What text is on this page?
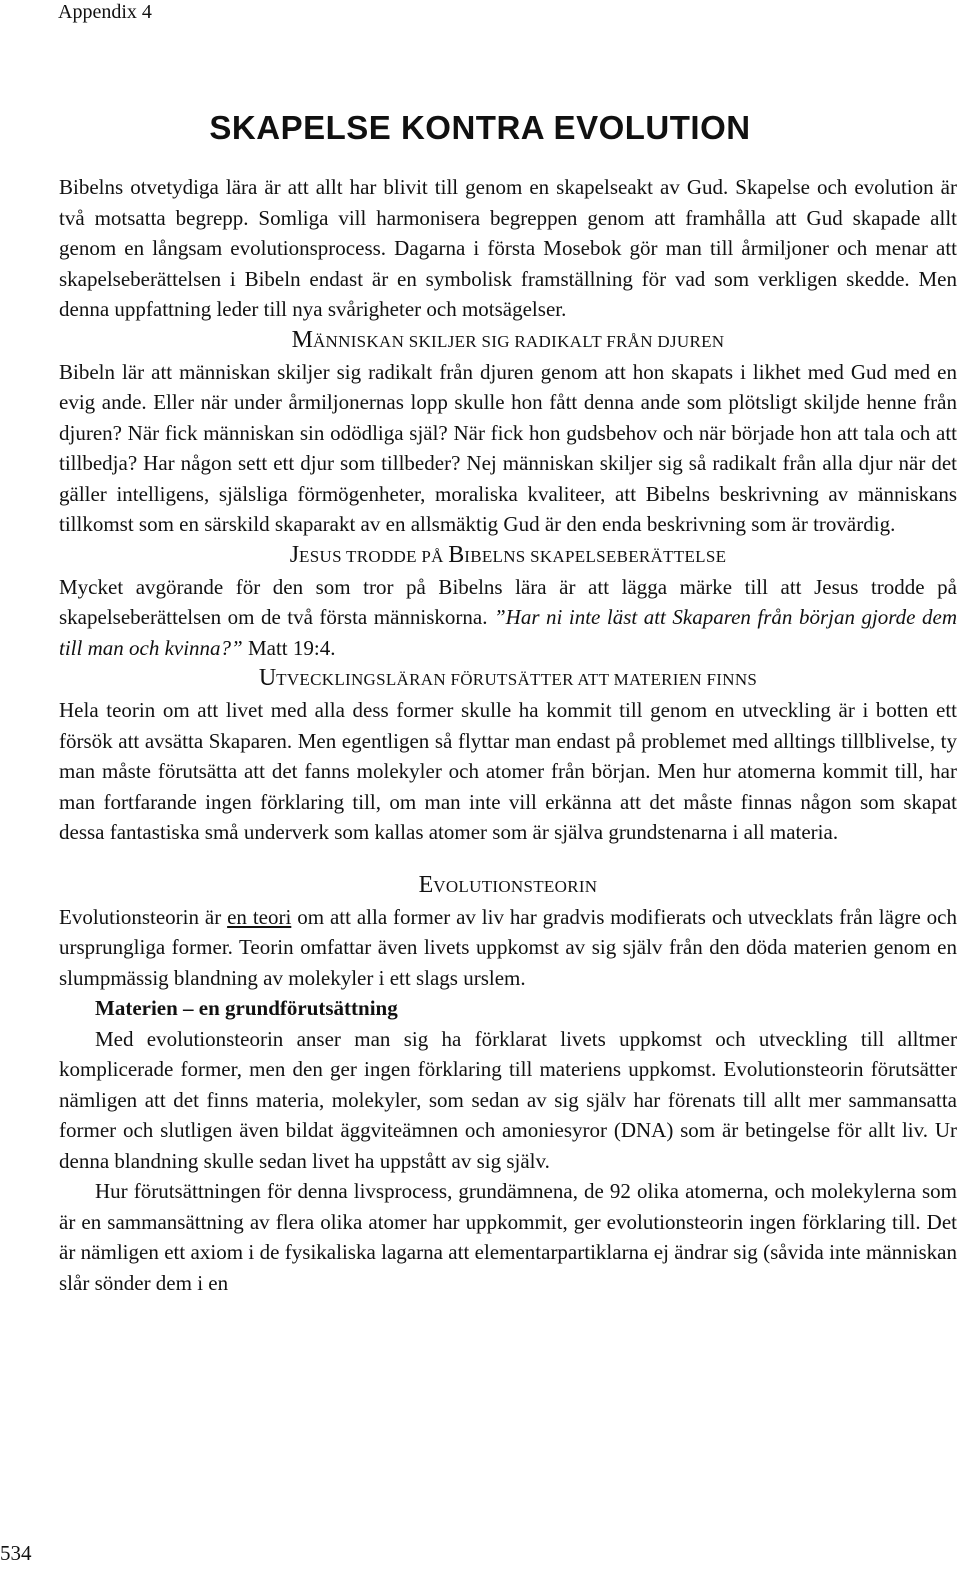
Appendix 4
SKAPELSE KONTRA EVOLUTION

Bibelns otvetydiga lära är att allt har blivit till genom en skapelseakt av Gud. Skapelse och evolution är två motsatta begrepp. Somliga vill harmonisera begreppen genom att framhålla att Gud skapade allt genom en långsam evolutionsprocess. Dagarna i första Mosebok gör man till årmiljoner och menar att skapelseberättelsen i Bibeln endast är en symbolisk framställning för vad som verkligen skedde. Men denna uppfattning leder till nya svårigheter och motsägelser.

MÄNNISKAN SKILJER SIG RADIKALT FRÅN DJUREN

Bibeln lär att människan skiljer sig radikalt från djuren genom att hon skapats i likhet med Gud med en evig ande. Eller när under årmiljonernas lopp skulle hon fått denna ande som plötsligt skiljde henne från djuren? När fick människan sin odödliga själ? När fick hon gudsbehov och när började hon att tala och att tillbedja? Har någon sett ett djur som tillbeder? Nej människan skiljer sig så radikalt från alla djur när det gäller intelligens, själsliga förmögenheter, moraliska kvaliteer, att Bibelns beskrivning av människans tillkomst som en särskild skaparakt av en allsmäktig Gud är den enda beskrivning som är trovärdig.

JESUS TRODDE PÅ BIBELNS SKAPELSEBERÄTTELSE

Mycket avgörande för den som tror på Bibelns lära är att lägga märke till att Jesus trodde på skapelseberättelsen om de två första människorna. ”Har ni inte läst att Skaparen från början gjorde dem till man och kvinna?” Matt 19:4.

UTVECKLINGSLÄRAN FÖRUTSÄTTER ATT MATERIEN FINNS

Hela teorin om att livet med alla dess former skulle ha kommit till genom en utveckling är i botten ett försök att avsätta Skaparen. Men egentligen så flyttar man endast på problemet med alltings tillblivelse, ty man måste förutsätta att det fanns molekyler och atomer från början. Men hur atomerna kommit till, har man fortfarande ingen förklaring till, om man inte vill erkänna att det måste finnas någon som skapat dessa fantastiska små underverk som kallas atomer som är själva grundstenarna i all materia.

EVOLUTIONSTEORIN

Evolutionsteorin är en teori om att alla former av liv har gradvis modifierats och utvecklats från lägre och ursprungliga former. Teorin omfattar även livets uppkomst av sig själv från den döda materien genom en slumpmässig blandning av molekyler i ett slags urslem.

Materien – en grundförutsättning

Med evolutionsteorin anser man sig ha förklarat livets uppkomst och utveckling till alltmer komplicerade former, men den ger ingen förklaring till materiens uppkomst. Evolutionsteorin förutsätter nämligen att det finns materia, molekyler, som sedan av sig själv har förenats till allt mer sammansatta former och slutligen även bildat äggviteämnen och amoniesyror (DNA) som är betingelse för allt liv. Ur denna blandning skulle sedan livet ha uppstått av sig själv.

Hur förutsättningen för denna livsprocess, grundämnena, de 92 olika atomerna, och molekylerna som är en sammansättning av flera olika atomer har uppkommit, ger evolutionsteorin ingen förklaring till. Det är nämligen ett axiom i de fysikaliska lagarna att elementarpartiklarna ej ändrar sig (såvida inte människan slår sönder dem i en

534
